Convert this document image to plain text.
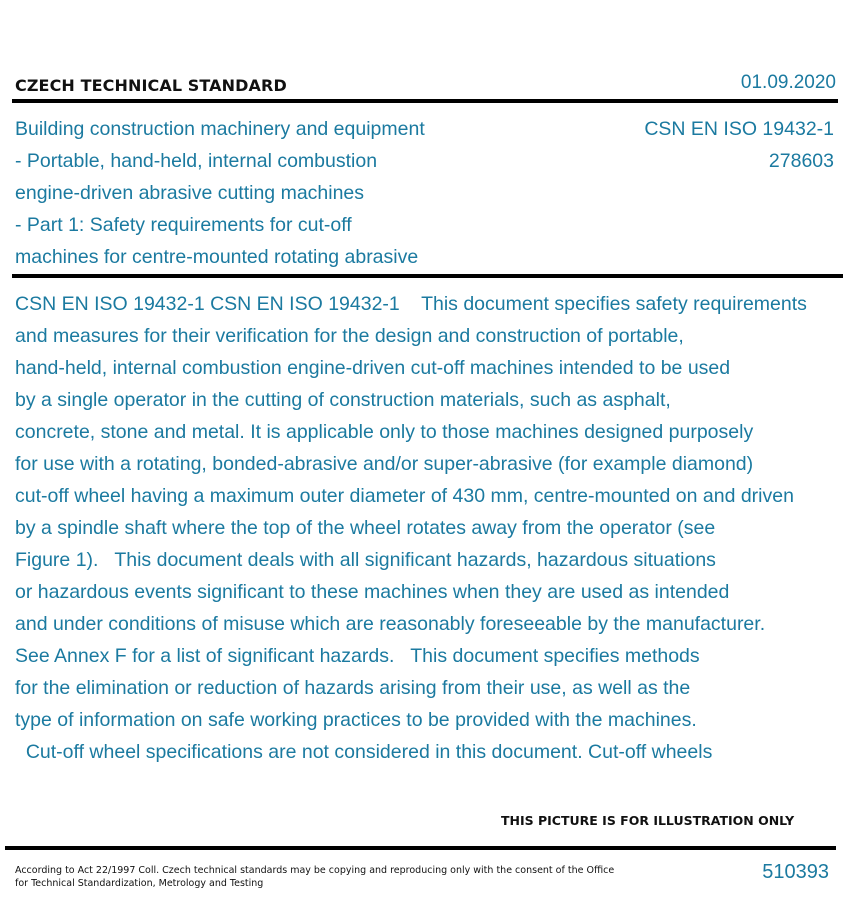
CZECH TECHNICAL STANDARD	01.09.2020
Building construction machinery and equipment
- Portable, hand-held, internal combustion
engine-driven abrasive cutting machines
- Part 1: Safety requirements for cut-off
machines for centre-mounted rotating abrasive
CSN EN ISO 19432-1
278603
CSN EN ISO 19432-1 CSN EN ISO 19432-1    This document specifies safety requirements
and measures for their verification for the design and construction of portable,
hand-held, internal combustion engine-driven cut-off machines intended to be used
by a single operator in the cutting of construction materials, such as asphalt,
concrete, stone and metal. It is applicable only to those machines designed purposely
for use with a rotating, bonded-abrasive and/or super-abrasive (for example diamond)
cut-off wheel having a maximum outer diameter of 430 mm, centre-mounted on and driven
by a spindle shaft where the top of the wheel rotates away from the operator (see
Figure 1).   This document deals with all significant hazards, hazardous situations
or hazardous events significant to these machines when they are used as intended
and under conditions of misuse which are reasonably foreseeable by the manufacturer.
See Annex F for a list of significant hazards.   This document specifies methods
for the elimination or reduction of hazards arising from their use, as well as the
type of information on safe working practices to be provided with the machines.
Cut-off wheel specifications are not considered in this document. Cut-off wheels
THIS PICTURE IS FOR ILLUSTRATION ONLY
According to Act 22/1997 Coll. Czech technical standards may be copying and reproducing only with the consent of the Office
for Technical Standardization, Metrology and Testing
510393
